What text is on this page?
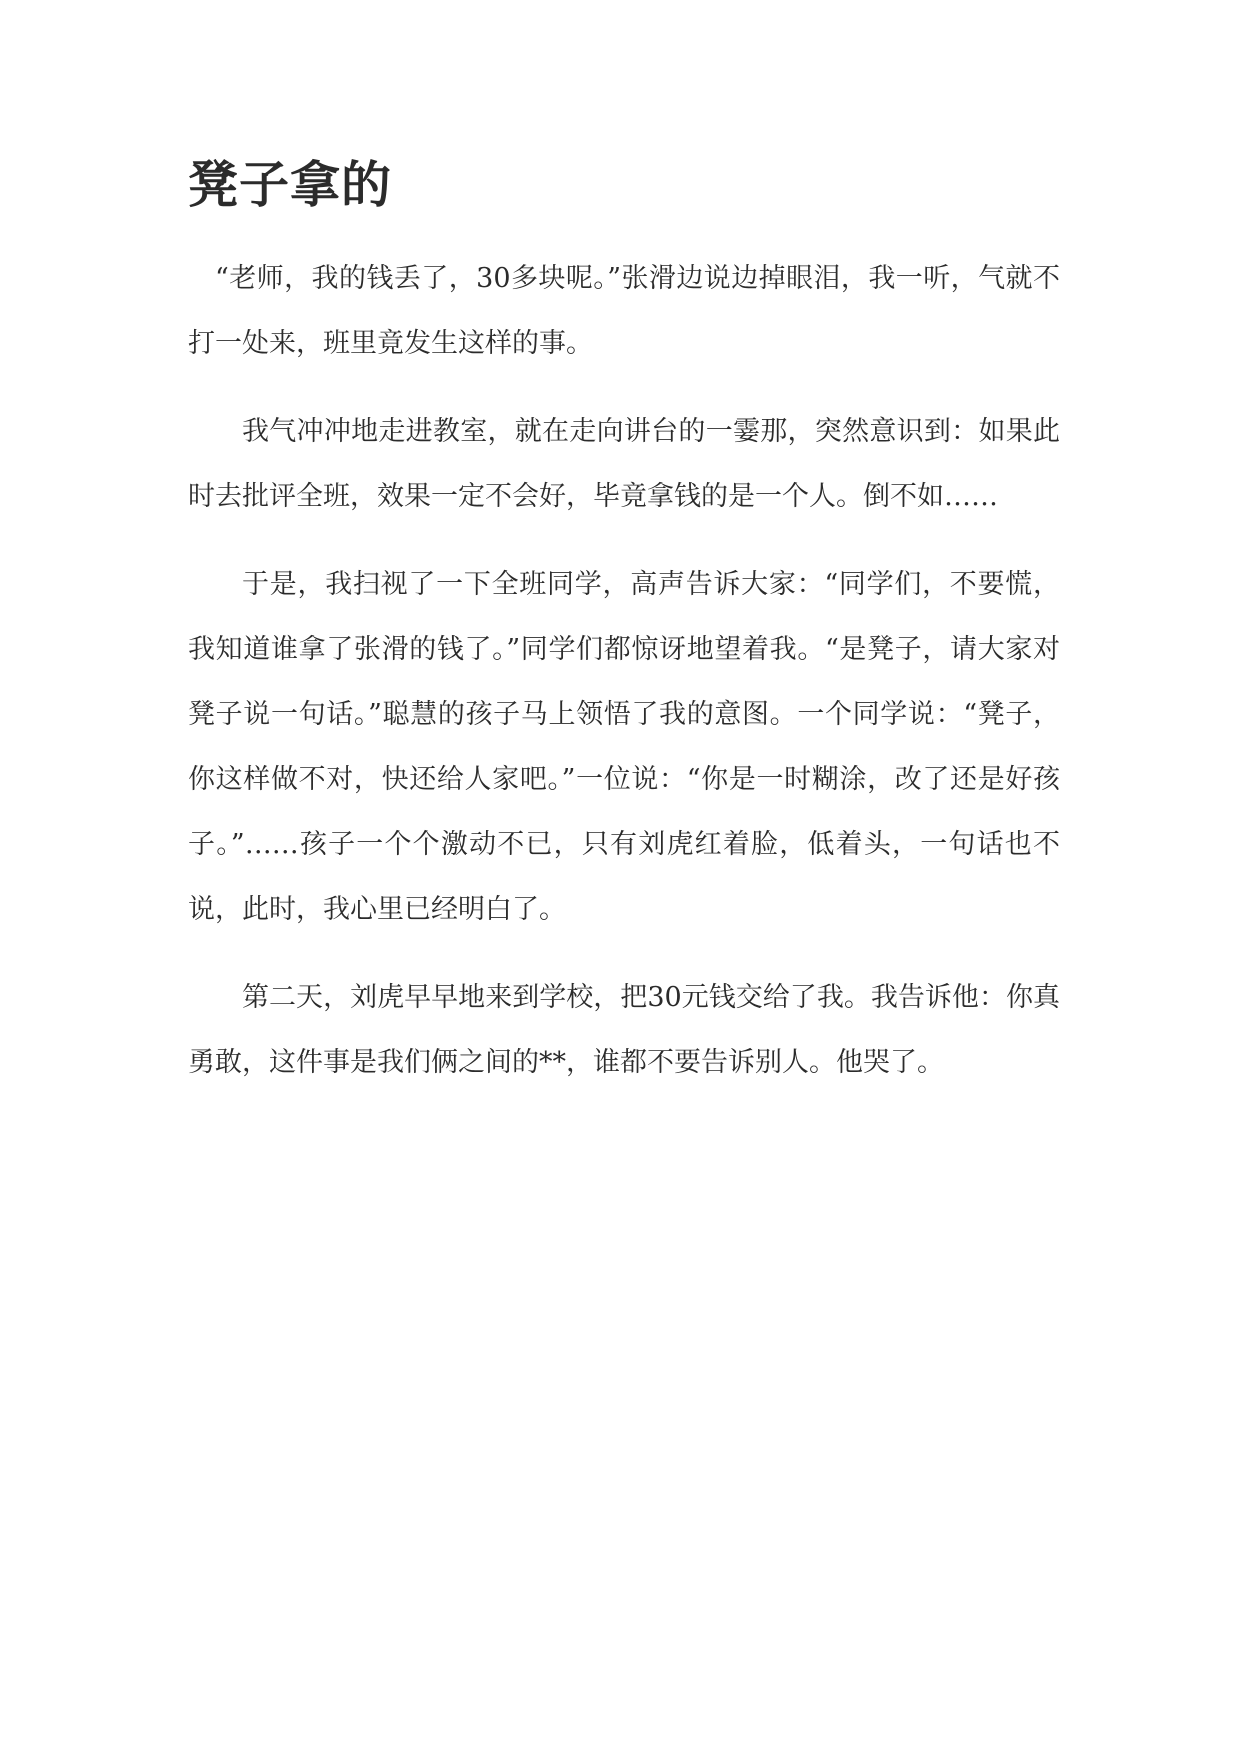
凳子拿的

“老师，我的钱丢了，30多块呢。”张滑边说边掉眼泪，我一听，气就不打一处来，班里竟发生这样的事。

我气冲冲地走进教室，就在走向讲台的一霎那，突然意识到：如果此时去批评全班，效果一定不会好，毕竟拿钱的是一个人。倒不如……

于是，我扫视了一下全班同学，高声告诉大家：“同学们，不要慌，我知道谁拿了张滑的钱了。”同学们都惊讶地望着我。“是凳子，请大家对凳子说一句话。”聪慧的孩子马上领悟了我的意图。一个同学说：“凳子，你这样做不对，快还给人家吧。”一位说：“你是一时糊涂，改了还是好孩子。”……孩子一个个激动不已，只有刘虎红着脸，低着头，一句话也不说，此时，我心里已经明白了。

第二天，刘虎早早地来到学校，把30元钱交给了我。我告诉他：你真勇敢，这件事是我们俩之间的**，谁都不要告诉别人。他哭了。
